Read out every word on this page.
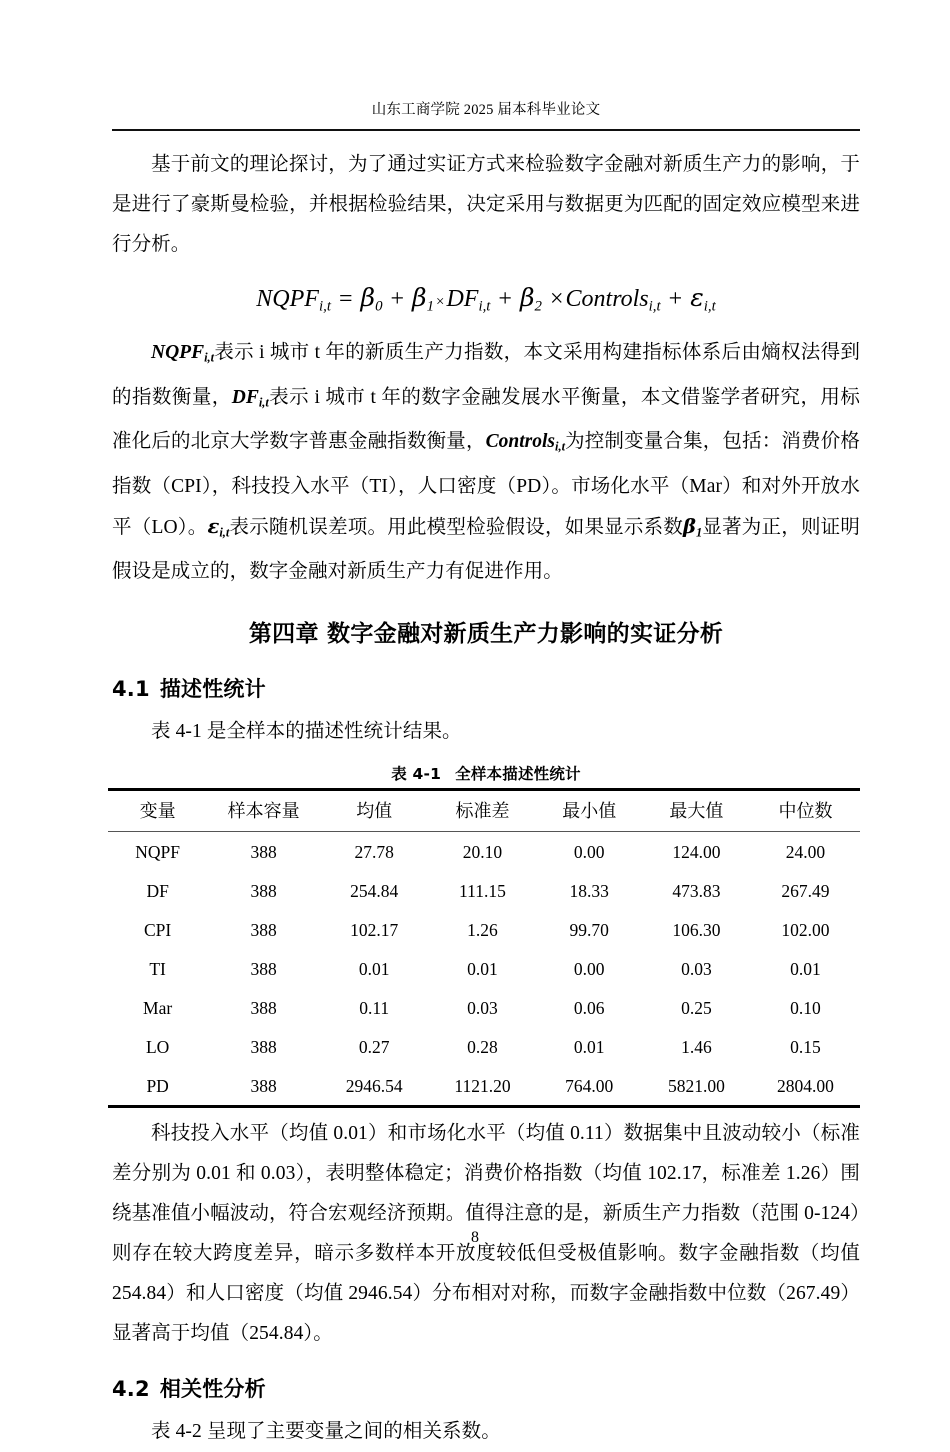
山东工商学院 2025 届本科毕业论文

基于前文的理论探讨，为了通过实证方式来检验数字金融对新质生产力的影响，于是进行了豪斯曼检验，并根据检验结果，决定采用与数据更为匹配的固定效应模型来进行分析。

$NQPF_{i,t} = \beta_0 + \beta_1 \times DF_{i,t} + \beta_2$ ×Controls$_{i,t}$ + $\varepsilon_{i,t}$

$NQPF_{i,t}$表示 i 城市 t 年的新质生产力指数，本文采用构建指标体系后由熵权法得到的指数衡量，$DF_{i,t}$表示 i 城市 t 年的数字金融发展水平衡量，本文借鉴学者研究，用标准化后的北京大学数字普惠金融指数衡量，Controls$_{i,t}$为控制变量合集，包括：消费价格指数（CPI），科技投入水平（TI），人口密度（PD）。市场化水平（Mar）和对外开放水平（LO）。$\varepsilon_{i,t}$表示随机误差项。用此模型检验假设，如果显示系数$\beta_1$显著为正，则证明假设是成立的，数字金融对新质生产力有促进作用。

第四章 数字金融对新质生产力影响的实证分析
4.1 描述性统计

表 4-1 是全样本的描述性统计结果。

表 4-1 全样本描述性统计
变量	样本容量	均值	标准差	最小值	最大值	中位数
NQPF	388	27.78	20.10	0.00	124.00	24.00
DF	388	254.84	111.15	18.33	473.83	267.49
CPI	388	102.17	1.26	99.70	106.30	102.00
TI	388	0.01	0.01	0.00	0.03	0.01
Mar	388	0.11	0.03	0.06	0.25	0.10
LO	388	0.27	0.28	0.01	1.46	0.15
PD	388	2946.54	1121.20	764.00	5821.00	2804.00

科技投入水平（均值 0.01）和市场化水平（均值 0.11）数据集中且波动较小（标准差分别为 0.01 和 0.03），表明整体稳定；消费价格指数（均值 102.17，标准差 1.26）围绕基准值小幅波动，符合宏观经济预期。值得注意的是，新质生产力指数（范围 0-124）则存在较大跨度差异，暗示多数样本开放度较低但受极值影响。数字金融指数（均值 254.84）和人口密度（均值 2946.54）分布相对对称，而数字金融指数中位数（267.49）显著高于均值（254.84）。

4.2 相关性分析

表 4-2 呈现了主要变量之间的相关系数。

8
